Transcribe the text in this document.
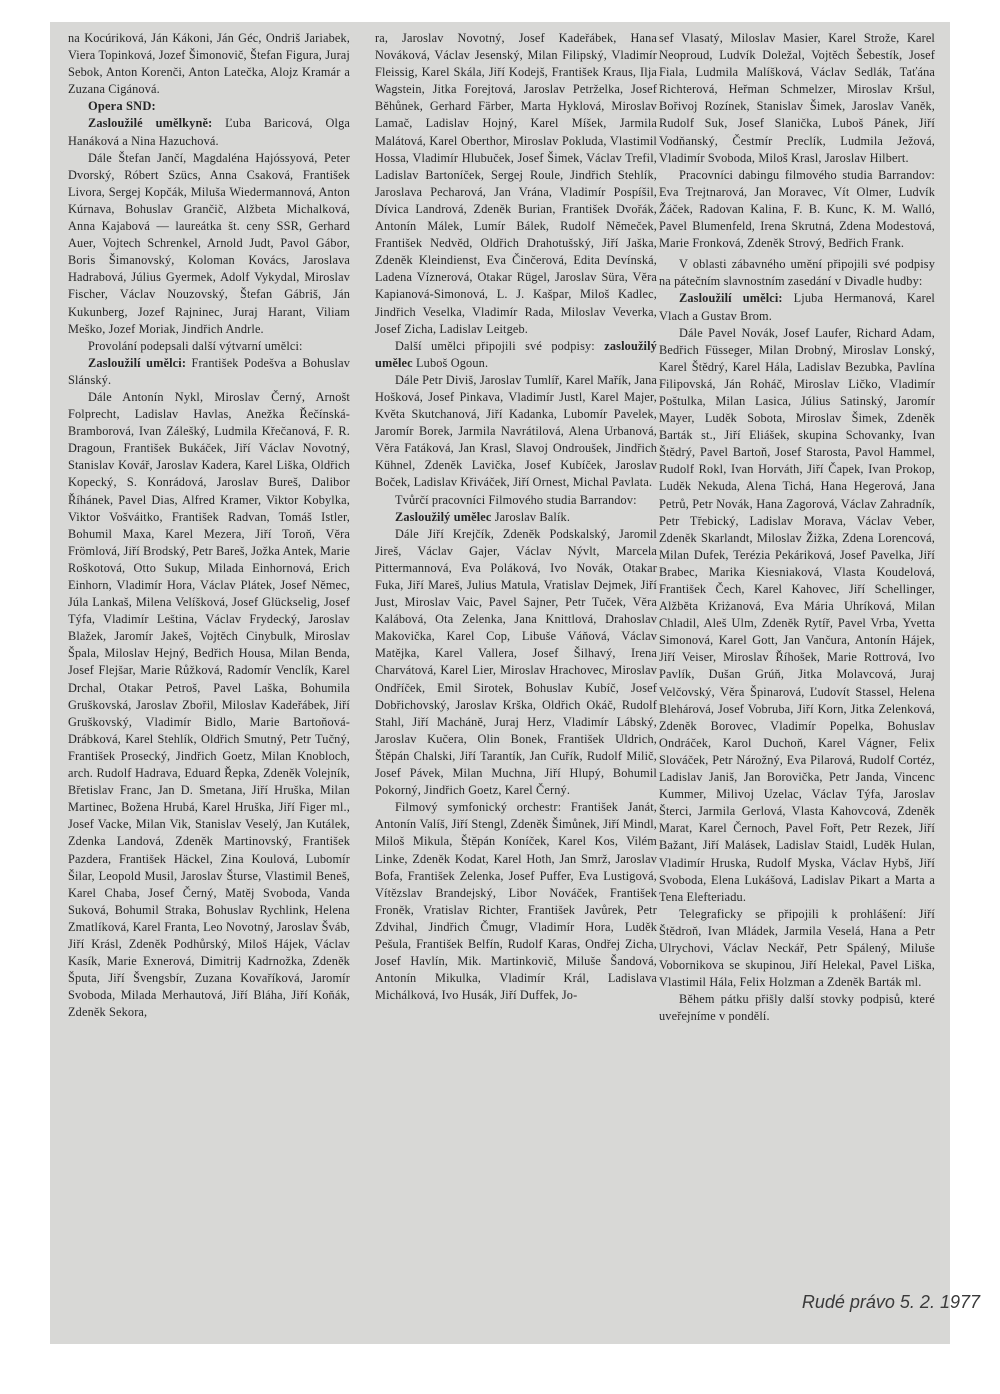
na Kocúriková, Ján Kákoni, Ján Géc, Ondriš Jariabek, Viera Topinková, Jozef Šimonovič, Štefan Figura, Juraj Sebok, Anton Korenči, Anton Latečka, Alojz Kramár a Zuzana Cigánová.

Opera SND:

Zasloužilé umělkyně: Ľuba Baricová, Olga Hanáková a Nina Hazuchová.

Dále Štefan Jančí, Magdaléna Hajóssyová, Peter Dvorský, Róbert Szücs, Anna Csaková, František Livora, Sergej Kopčák, Miluša Wiedermannová, Anton Kúrnava, Bohuslav Grančič, Alžbeta Michalková, Anna Kajabová — laureátka št. ceny SSR, Gerhard Auer, Vojtech Schrenkel, Arnold Judt, Pavol Gábor, Boris Šimanovský, Koloman Kovács, Jaroslava Hadrabová, Július Gyermek, Adolf Vykydal, Miroslav Fischer, Václav Nouzovský, Štefan Gábriš, Ján Kukunberg, Jozef Rajninec, Juraj Harant, Viliam Meško, Jozef Moriak, Jindřich Andrle.

Provolání podepsali další výtvarní umělci:

Zasloužilí umělci: František Podešva a Bohuslav Slánský.

Dále Antonín Nykl, Miroslav Černý, Arnošt Folprecht, Ladislav Havlas, Anežka Řečínská-Bramborová, Ivan Zálešký, Ludmila Křečanová, F. R. Dragoun, František Bukáček, Jiří Václav Novotný, Stanislav Kovář, Jaroslav Kadera, Karel Liška, Oldřich Kopecký, S. Konrádová, Jaroslav Bureš, Dalibor Říhánek, Pavel Dias, Alfred Kramer, Viktor Kobylka, Viktor Vošváitko, František Radvan, Tomáš Istler, Bohumil Maxa, Karel Mezera, Jiří Toroň, Věra Frömlová, Jiří Brodský, Petr Bareš, Jožka Antek, Marie Roškotová, Otto Sukup, Milada Einhornová, Erich Einhorn, Vladimír Hora, Václav Plátek, Josef Němec, Júla Lankaš, Milena Velíšková, Josef Glückselig, Josef Týfa, Vladimír Leština, Václav Frydecký, Jaroslav Blažek, Jaromír Jakeš, Vojtěch Cinybulk, Miroslav Špala, Miloslav Hejný, Bedřich Housa, Milan Benda, Josef Flejšar, Marie Růžková, Radomír Venclík, Karel Drchal, Otakar Petroš, Pavel Laška, Bohumila Gruškovská, Jaroslav Zbořil, Miloslav Kadeřábek, Jiří Gruškovský, Vladimír Bidlo, Marie Bartoňová-Drábková, Karel Stehlík, Oldřich Smutný, Petr Tučný, František Prosecký, Jindřich Goetz, Milan Knobloch, arch. Rudolf Hadrava, Eduard Řepka, Zdeněk Volejník, Břetislav Franc, Jan D. Smetana, Jiří Hruška, Milan Martinec, Božena Hrubá, Karel Hruška, Jiří Figer ml., Josef Vacke, Milan Vik, Stanislav Veselý, Jan Kutálek, Zdenka Landová, Zdeněk Martinovský, František Pazdera, František Häckel, Zina Koulová, Lubomír Šilar, Leopold Musil, Jaroslav Šturse, Vlastimil Beneš, Karel Chaba, Josef Černý, Matěj Svoboda, Vanda Suková, Bohumil Straka, Bohuslav Rychlink, Helena Zmatlíková, Karel Franta, Leo Novotný, Jaroslav Šváb, Jiří Krásl, Zdeněk Podhůrský, Miloš Hájek, Václav Kasík, Marie Exnerová, Dimitrij Kadrnožka, Zdeněk Šputa, Jiří Švengsbír, Zuzana Kovaříková, Jaromír Svoboda, Milada Merhautová, Jiří Bláha, Jiří Koňák, Zdeněk Sekora,

ra, Jaroslav Novotný, Josef Kadeřábek, Hana Nováková, Václav Jesenský, Milan Filipský, Vladimír Fleissig, Karel Skála, Jiří Kodejš, František Kraus, Ilja Wagstein, Jitka Forejtová, Jaroslav Petrželka, Josef Běhůnek, Gerhard Färber, Marta Hyklová, Miroslav Lamač, Ladislav Hojný, Karel Míšek, Jarmila Malátová, Karel Oberthor, Miroslav Pokluda, Vlastimil Hossa, Vladimír Hlubuček, Josef Šimek, Václav Trefil, Ladislav Bartoníček, Sergej Roule, Jindřich Stehlík, Jaroslava Pecharová, Jan Vrána, Vladimír Pospíšil, Dívica Landrová, Zdeněk Burian, František Dvořák, Antonín Málek, Lumír Bálek, Rudolf Němeček, František Nedvěd, Oldřich Drahotušský, Jiří Jaška, Zdeněk Kleindienst, Eva Činčerová, Edita Devínská, Ladena Víznerová, Otakar Rügel, Jaroslav Süra, Věra Kapianová-Simonová, L. J. Kašpar, Miloš Kadlec, Jindřich Veselka, Vladimír Rada, Miloslav Veverka, Josef Zicha, Ladislav Leitgeb.

Další umělci připojili své podpisy: zasloužilý umělec Luboš Ogoun.

Dále Petr Diviš, Jaroslav Tumlíř, Karel Mařík, Jana Hošková, Josef Pinkava, Vladimír Justl, Karel Majer, Květa Skutchanová, Jiří Kadanka, Lubomír Pavelek, Jaromír Borek, Jarmila Navrátilová, Alena Urbanová, Věra Fatáková, Jan Krasl, Slavoj Ondroušek, Jindřich Kühnel, Zdeněk Lavička, Josef Kubíček, Jaroslav Boček, Ladislav Křiváček, Jiří Ornest, Michal Pavlata.

Tvůrčí pracovníci Filmového studia Barrandov:

Zasloužilý umělec Jaroslav Balík.

Dále Jiří Krejčík, Zdeněk Podskalský, Jaromil Jireš, Václav Gajer, Václav Nývlt, Marcela Pittermannová, Eva Poláková, Ivo Novák, Otakar Fuka, Jiří Mareš, Julius Matula, Vratislav Dejmek, Jiří Just, Miroslav Vaic, Pavel Sajner, Petr Tuček, Věra Kalábová, Ota Zelenka, Jana Knittlová, Drahoslav Makovička, Karel Cop, Libuše Váňová, Václav Matějka, Karel Vallera, Josef Šilhavý, Irena Charvátová, Karel Lier, Miroslav Hrachovec, Miroslav Ondříček, Emil Sirotek, Bohuslav Kubíč, Josef Dobřichovský, Jaroslav Krška, Oldřich Okáč, Rudolf Stahl, Jiří Macháně, Juraj Herz, Vladimír Lábský, Jaroslav Kučera, Olin Bonek, František Uldrich, Štěpán Chalski, Jiří Tarantík, Jan Cuřík, Rudolf Milič, Josef Pávek, Milan Muchna, Jiří Hlupý, Bohumil Pokorný, Jindřich Goetz, Karel Černý.

Filmový symfonický orchestr: František Janát, Antonín Valíš, Jiří Stengl, Zdeněk Šimůnek, Jiří Mindl, Miloš Mikula, Štěpán Koníček, Karel Kos, Vilém Linke, Zdeněk Kodat, Karel Hoth, Jan Smrž, Jaroslav Bofa, František Zelenka, Josef Puffer, Eva Lustigová, Vítězslav Brandejský, Libor Nováček, František Froněk, Vratislav Richter, František Javůrek, Petr Zdvihal, Jindřich Čmugr, Vladimír Hora, Luděk Pešula, František Belfín, Rudolf Karas, Ondřej Zicha, Josef Havlín, Mik. Martinkovič, Miluše Šandová, Antonín Mikulka, Vladimír Král, Ladislava Michálková, Ivo Husák, Jiří Duffek, Jo-

sef Vlasatý, Miloslav Masier, Karel Strože, Karel Neoproud, Ludvík Doležal, Vojtěch Šebestík, Josef Fiala, Ludmila Malíšková, Václav Sedlák, Taťána Richterová, Heřman Schmelzer, Miroslav Kršul, Bořivoj Rozínek, Stanislav Šimek, Jaroslav Vaněk, Rudolf Suk, Josef Slanička, Luboš Pánek, Jiří Vodňanský, Čestmír Preclík, Ludmila Ježová, Vladimír Svoboda, Miloš Krasl, Jaroslav Hilbert.

Pracovníci dabingu filmového studia Barrandov: Eva Trejtnarová, Jan Moravec, Vít Olmer, Ludvík Žáček, Radovan Kalina, F. B. Kunc, K. M. Walló, Pavel Blumenfeld, Irena Skrutná, Zdena Modestová, Marie Fronková, Zdeněk Strový, Bedřich Frank.

V oblasti zábavného umění připojili své podpisy na pátečním slavnostním zasedání v Divadle hudby:

Zasloužilí umělci: Ljuba Hermanová, Karel Vlach a Gustav Brom.

Dále Pavel Novák, Josef Laufer, Richard Adam, Bedřich Füsseger, Milan Drobný, Miroslav Lonský, Karel Štědrý, Karel Hála, Ladislav Bezubka, Pavlína Filipovská, Ján Roháč, Miroslav Ličko, Vladimír Poštulka, Milan Lasica, Július Satinský, Jaromír Mayer, Luděk Sobota, Miroslav Šimek, Zdeněk Barták st., Jiří Eliášek, skupina Schovanky, Ivan Štědrý, Pavel Bartoň, Josef Starosta, Pavol Hammel, Rudolf Rokl, Ivan Horváth, Jiří Čapek, Ivan Prokop, Luděk Nekuda, Alena Tichá, Hana Hegerová, Jana Petrů, Petr Novák, Hana Zagorová, Václav Zahradník, Petr Třebický, Ladislav Morava, Václav Veber, Zdeněk Skarlandt, Miloslav Žižka, Zdena Lorencová, Milan Dufek, Terézia Pekáriková, Josef Pavelka, Jiří Brabec, Marika Kiesniaková, Vlasta Koudelová, František Čech, Karel Kahovec, Jiří Schellinger, Alžběta Kriżanová, Eva Mária Uhríková, Milan Chladil, Aleš Ulm, Zdeněk Rytíř, Pavel Vrba, Yvetta Simonová, Karel Gott, Jan Vančura, Antonín Hájek, Jiří Veiser, Miroslav Říhošek, Marie Rottrová, Ivo Pavlík, Dušan Grúň, Jitka Molavcová, Juraj Velčovský, Věra Špinarová, Ľudovít Stassel, Helena Blehárová, Josef Vobruba, Jiří Korn, Jitka Zelenková, Zdeněk Borovec, Vladimír Popelka, Bohuslav Ondráček, Karol Duchoň, Karel Vágner, Felix Slováček, Petr Nárožný, Eva Pilarová, Rudolf Cortéz, Ladislav Janiš, Jan Borovička, Petr Janda, Vincenc Kummer, Milivoj Uzelac, Václav Týfa, Jaroslav Šterci, Jarmila Gerlová, Vlasta Kahovcová, Zdeněk Marat, Karel Černoch, Pavel Fořt, Petr Rezek, Jiří Bažant, Jiří Malásek, Ladislav Staidl, Luděk Hulan, Vladimír Hruska, Rudolf Myska, Václav Hybš, Jiří Svoboda, Elena Lukášová, Ladislav Pikart a Marta a Tena Elefteriadu.

Telegraficky se připojili k prohlášení: Jiří Štědroň, Ivan Mládek, Jarmila Veselá, Hana a Petr Ulrychovi, Václav Neckář, Petr Spálený, Miluše Vobornikova se skupinou, Jiří Helekal, Pavel Liška, Vlastimil Hála, Felix Holzman a Zdeněk Barták ml.

Během pátku přišly další stovky podpisů, které uveřejníme v pondělí.

Rudé právo 5. 2. 1977
